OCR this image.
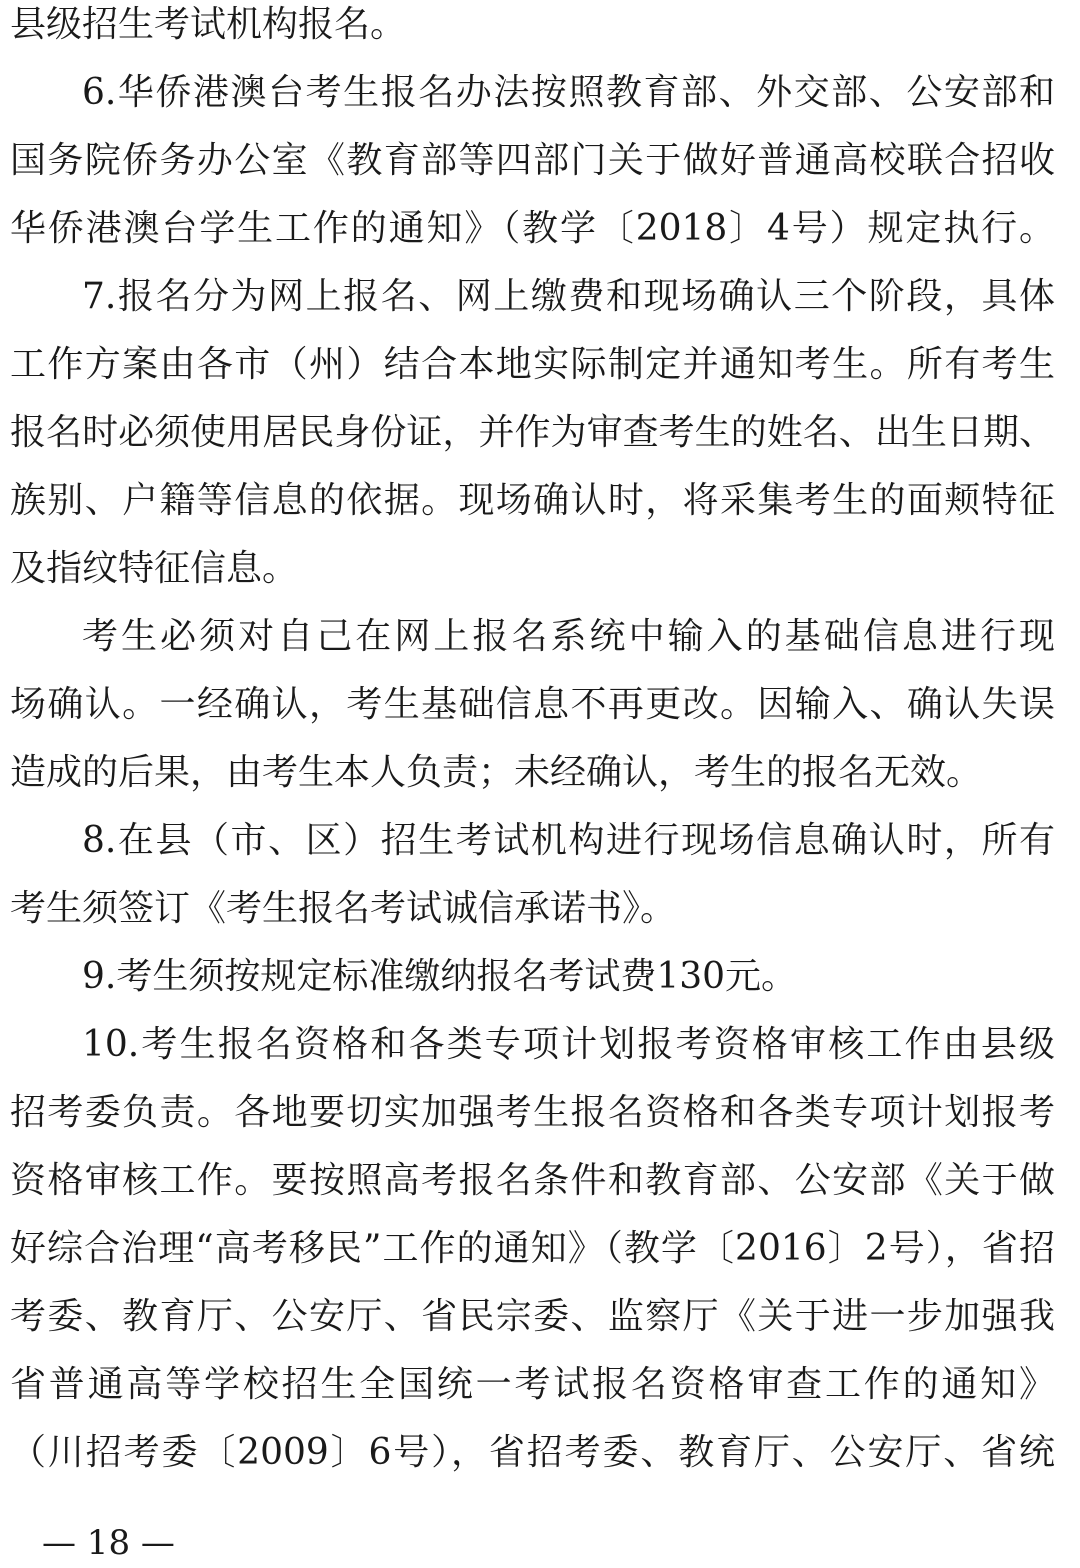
县级招生考试机构报名。
6.华侨港澳台考生报名办法按照教育部、外交部、公安部和
国务院侨务办公室《教育部等四部门关于做好普通高校联合招收
华侨港澳台学生工作的通知》（教学〔2018〕4号）规定执行。
7.报名分为网上报名、网上缴费和现场确认三个阶段，具体
工作方案由各市（州）结合本地实际制定并通知考生。所有考生
报名时必须使用居民身份证，并作为审查考生的姓名、出生日期、
族别、户籍等信息的依据。现场确认时，将采集考生的面颊特征
及指纹特征信息。
考生必须对自己在网上报名系统中输入的基础信息进行现
场确认。一经确认，考生基础信息不再更改。因输入、确认失误
造成的后果，由考生本人负责；未经确认，考生的报名无效。
8.在县（市、区）招生考试机构进行现场信息确认时，所有
考生须签订《考生报名考试诚信承诺书》。
9.考生须按规定标准缴纳报名考试费130元。
10.考生报名资格和各类专项计划报考资格审核工作由县级
招考委负责。各地要切实加强考生报名资格和各类专项计划报考
资格审核工作。要按照高考报名条件和教育部、公安部《关于做
好综合治理“高考移民”工作的通知》（教学〔2016〕2号），省招
考委、教育厅、公安厅、省民宗委、监察厅《关于进一步加强我
省普通高等学校招生全国统一考试报名资格审查工作的通知》
（川招考委〔2009〕6号），省招考委、教育厅、公安厅、省统
— 18 —
